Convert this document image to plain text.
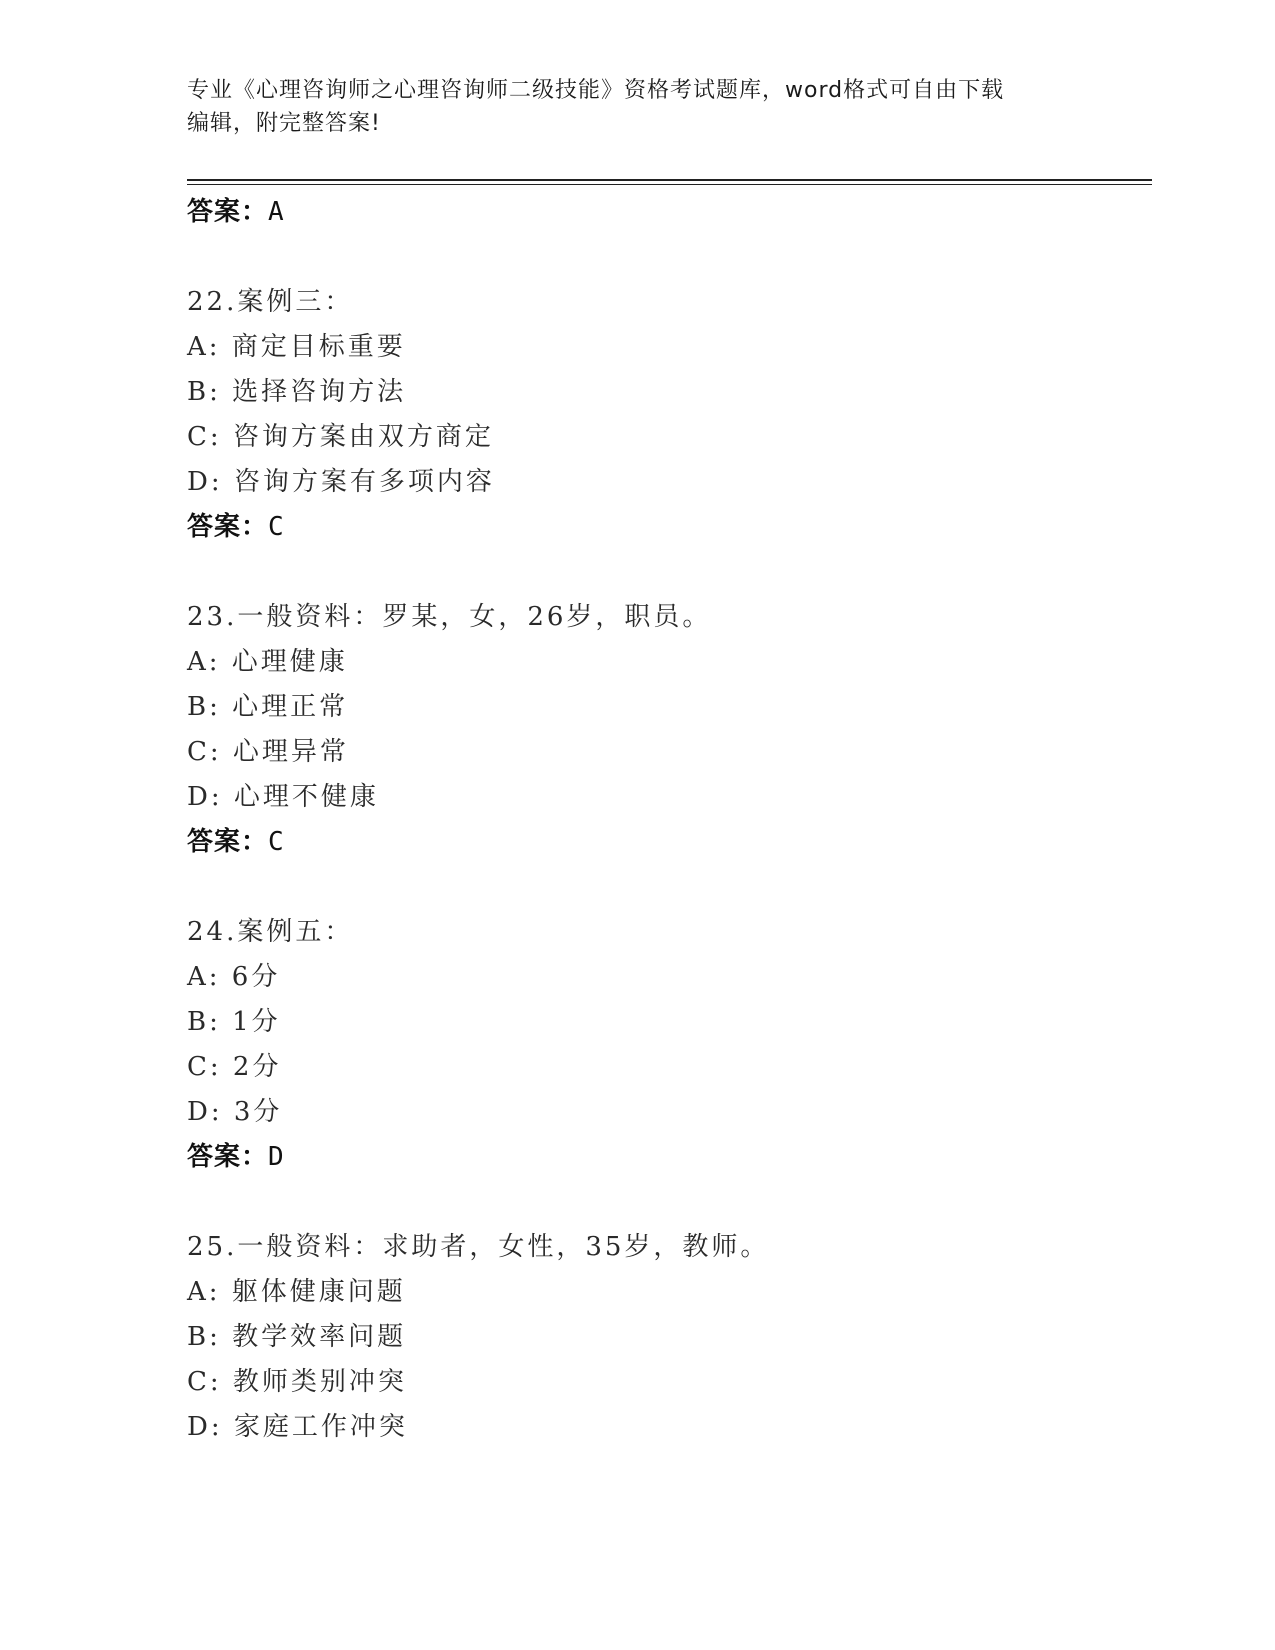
专业《心理咨询师之心理咨询师二级技能》资格考试题库，word格式可自由下载
编辑，附完整答案!
答案：A
22.案例三：
A: 商定目标重要
B: 选择咨询方法
C: 咨询方案由双方商定
D: 咨询方案有多项内容
答案：C
23.一般资料：罗某，女，26岁，职员。
A: 心理健康
B: 心理正常
C: 心理异常
D: 心理不健康
答案：C
24.案例五：
A: 6分
B: 1分
C: 2分
D: 3分
答案：D
25.一般资料：求助者，女性，35岁，教师。
A: 躯体健康问题
B: 教学效率问题
C: 教师类别冲突
D: 家庭工作冲突
